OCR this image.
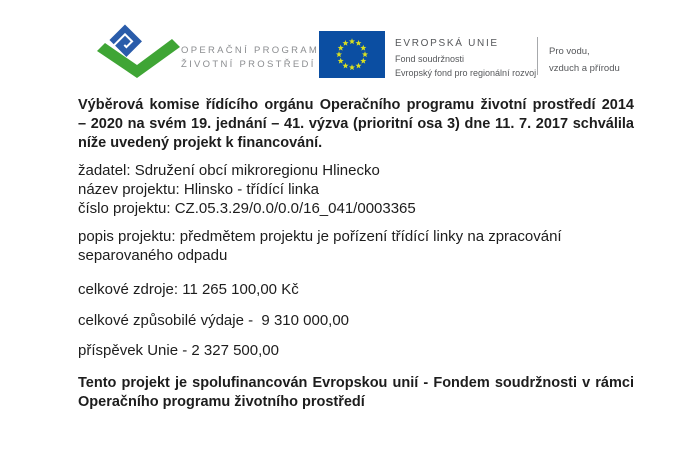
OPERAČNÍ PROGRAM
ŽIVOTNÍ PROSTŘEDÍ
EVROPSKÁ UNIE
Fond soudržnosti
Evropský fond pro regionální rozvoj
Pro vodu,
vzduch a přírodu
Výběrová komise řídícího orgánu Operačního programu životní prostředí 2014
– 2020 na svém 19. jednání – 41. výzva (prioritní osa 3) dne 11. 7. 2017 schválila
níže uvedený projekt k financování.
žadatel: Sdružení obcí mikroregionu Hlinecko
název projektu: Hlinsko - třídící linka
číslo projektu: CZ.05.3.29/0.0/0.0/16_041/0003365
popis projektu: předmětem projektu je pořízení třídící linky na zpracování
separovaného odpadu
celkové zdroje: 11 265 100,00 Kč
celkové způsobilé výdaje -  9 310 000,00
příspěvek Unie - 2 327 500,00
Tento projekt je spolufinancován Evropskou unií - Fondem soudržnosti v rámci
Operačního programu životního prostředí
